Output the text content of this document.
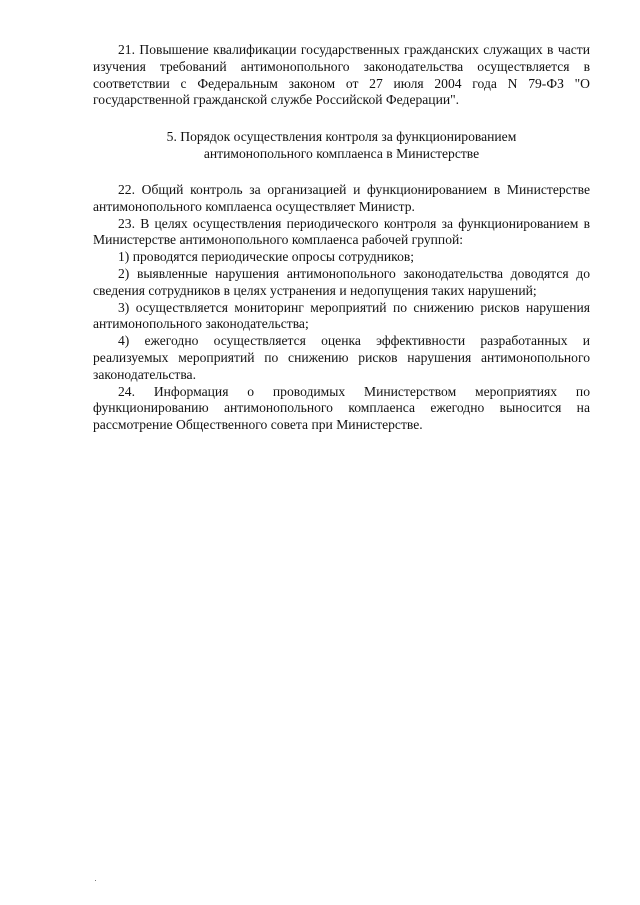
21. Повышение квалификации государственных гражданских служащих в части изучения требований антимонопольного законодательства осуществляется в соответствии с Федеральным законом от 27 июля 2004 года N 79-ФЗ "О государственной гражданской службе Российской Федерации".

5. Порядок осуществления контроля за функционированием
антимонопольного комплаенса в Министерстве

22. Общий контроль за организацией и функционированием в Министерстве антимонопольного комплаенса осуществляет Министр.

23. В целях осуществления периодического контроля за функционированием в Министерстве антимонопольного комплаенса рабочей группой:

1) проводятся периодические опросы сотрудников;

2) выявленные нарушения антимонопольного законодательства доводятся до сведения сотрудников в целях устранения и недопущения таких нарушений;

3) осуществляется мониторинг мероприятий по снижению рисков нарушения антимонопольного законодательства;

4) ежегодно осуществляется оценка эффективности разработанных и реализуемых мероприятий по снижению рисков нарушения антимонопольного законодательства.

24. Информация о проводимых Министерством мероприятиях по функционированию антимонопольного комплаенса ежегодно выносится на рассмотрение Общественного совета при Министерстве.
